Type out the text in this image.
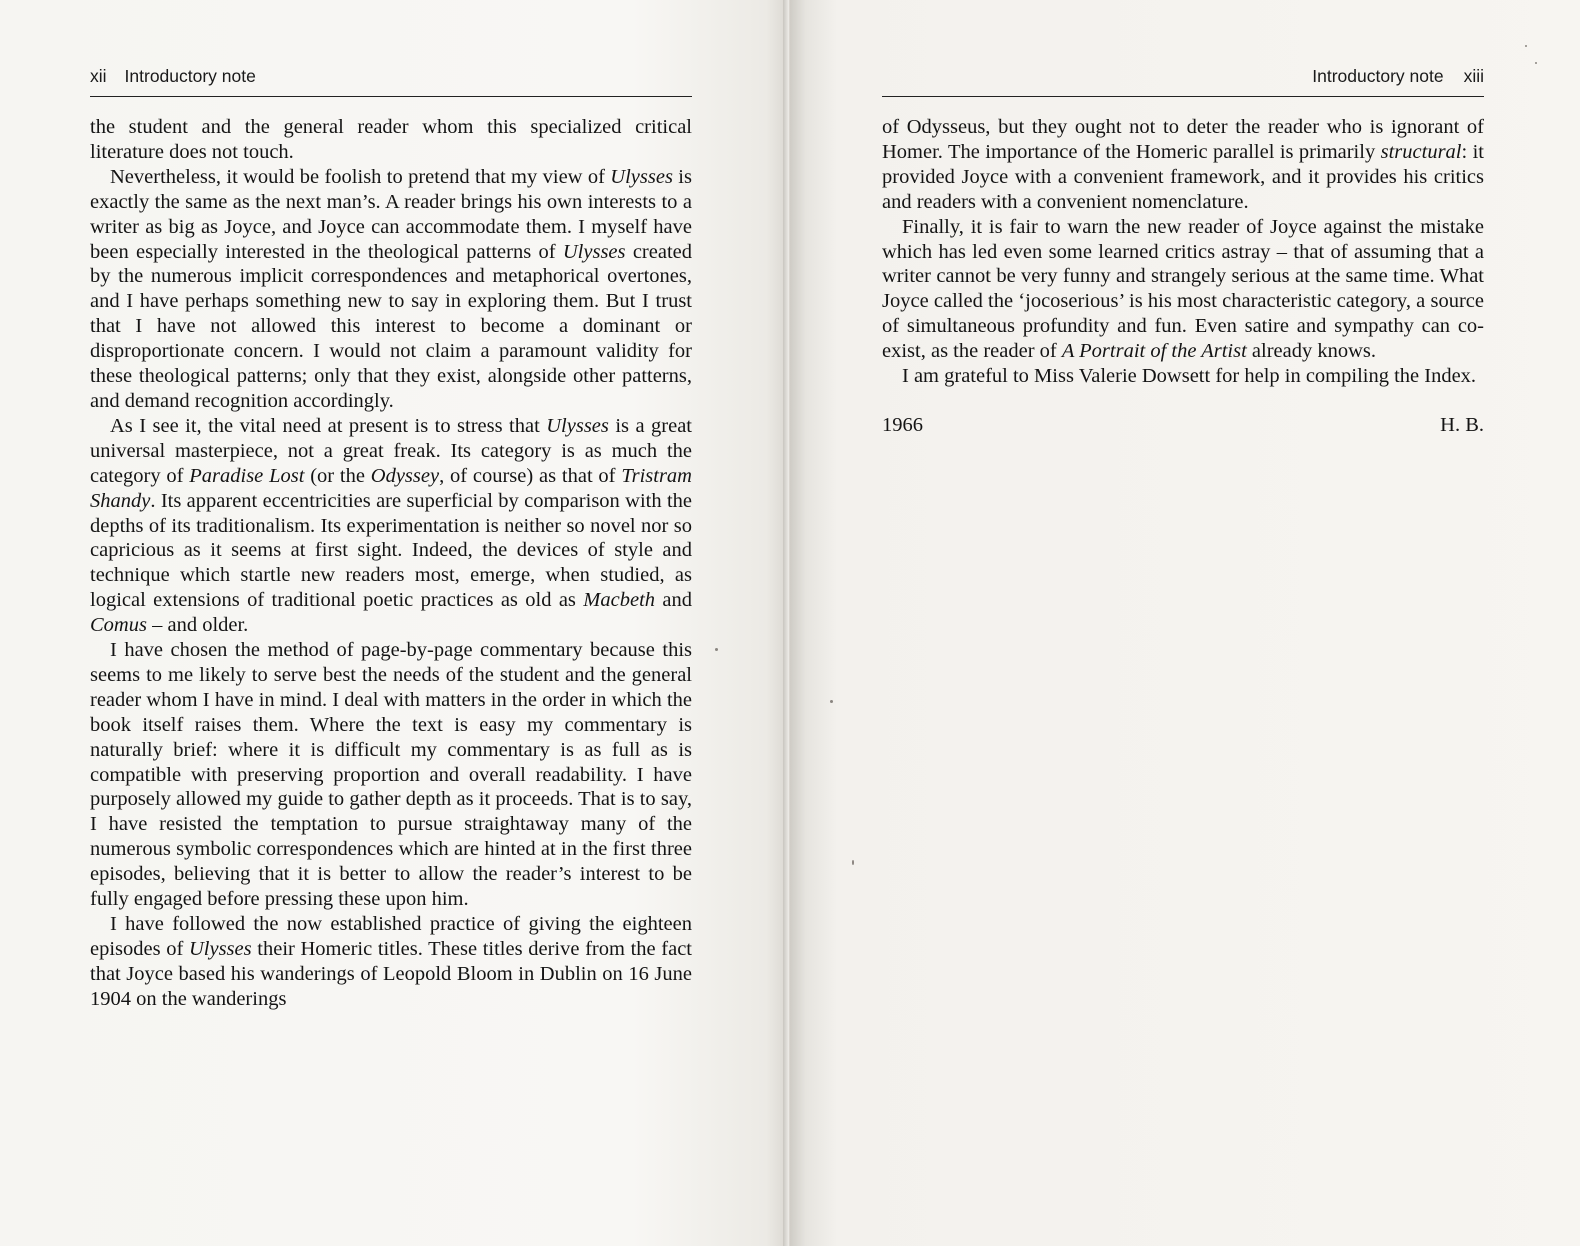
xii Introductory note

the student and the general reader whom this specialized critical literature does not touch.

Nevertheless, it would be foolish to pretend that my view of Ulysses is exactly the same as the next man’s. A reader brings his own interests to a writer as big as Joyce, and Joyce can accommodate them. I myself have been especially interested in the theological patterns of Ulysses created by the numerous implicit correspondences and metaphorical overtones, and I have perhaps something new to say in exploring them. But I trust that I have not allowed this interest to become a dominant or disproportionate concern. I would not claim a paramount validity for these theological patterns; only that they exist, alongside other patterns, and demand recognition accordingly.

As I see it, the vital need at present is to stress that Ulysses is a great universal masterpiece, not a great freak. Its category is as much the category of Paradise Lost (or the Odyssey, of course) as that of Tristram Shandy. Its apparent eccentricities are superficial by comparison with the depths of its traditionalism. Its experimentation is neither so novel nor so capricious as it seems at first sight. Indeed, the devices of style and technique which startle new readers most, emerge, when studied, as logical extensions of traditional poetic practices as old as Macbeth and Comus – and older.

I have chosen the method of page-by-page commentary because this seems to me likely to serve best the needs of the student and the general reader whom I have in mind. I deal with matters in the order in which the book itself raises them. Where the text is easy my commentary is naturally brief: where it is difficult my commentary is as full as is compatible with preserving proportion and overall readability. I have purposely allowed my guide to gather depth as it proceeds. That is to say, I have resisted the temptation to pursue straightaway many of the numerous symbolic correspondences which are hinted at in the first three episodes, believing that it is better to allow the reader’s interest to be fully engaged before pressing these upon him.

I have followed the now established practice of giving the eighteen episodes of Ulysses their Homeric titles. These titles derive from the fact that Joyce based his wanderings of Leopold Bloom in Dublin on 16 June 1904 on the wanderings

Introductory note xiii

of Odysseus, but they ought not to deter the reader who is ignorant of Homer. The importance of the Homeric parallel is primarily structural: it provided Joyce with a convenient framework, and it provides his critics and readers with a convenient nomenclature.

Finally, it is fair to warn the new reader of Joyce against the mistake which has led even some learned critics astray – that of assuming that a writer cannot be very funny and strangely serious at the same time. What Joyce called the ‘jocoserious’ is his most characteristic category, a source of simultaneous profundity and fun. Even satire and sympathy can co-exist, as the reader of A Portrait of the Artist already knows.

I am grateful to Miss Valerie Dowsett for help in compiling the Index.

1966	H. B.
